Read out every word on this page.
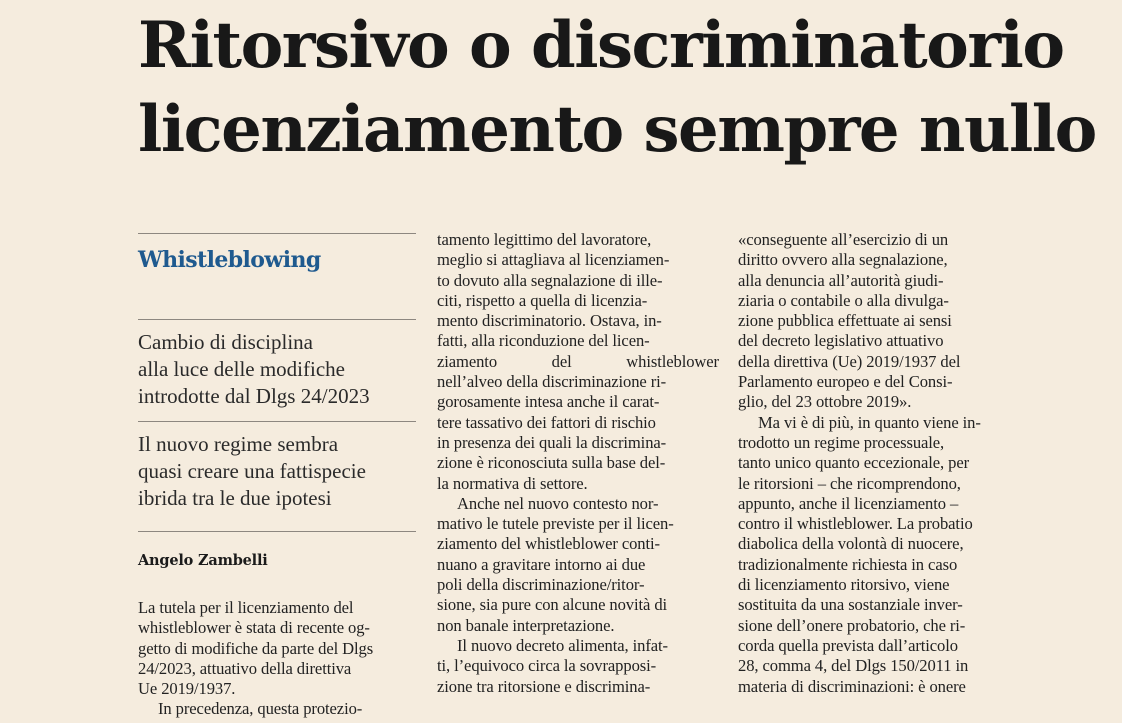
Ritorsivo o discriminatorio
licenziamento sempre nullo
Whistleblowing
Cambio di disciplina
alla luce delle modifiche
introdotte dal Dlgs 24/2023
Il nuovo regime sembra
quasi creare una fattispecie
ibrida tra le due ipotesi
Angelo Zambelli
La tutela per il licenziamento del
whistleblower è stata di recente og-
getto di modifiche da parte del Dlgs
24/2023, attuativo della direttiva
Ue 2019/1937.
In precedenza, questa protezio-
tamento legittimo del lavoratore,
meglio si attagliava al licenziamen-
to dovuto alla segnalazione di ille-
citi, rispetto a quella di licenzia-
mento discriminatorio. Ostava, in-
fatti, alla riconduzione del licen-
ziamento del whistleblower
nell’alveo della discriminazione ri-
gorosamente intesa anche il carat-
tere tassativo dei fattori di rischio
in presenza dei quali la discrimina-
zione è riconosciuta sulla base del-
la normativa di settore.
Anche nel nuovo contesto nor-
mativo le tutele previste per il licen-
ziamento del whistleblower conti-
nuano a gravitare intorno ai due
poli della discriminazione/ritor-
sione, sia pure con alcune novità di
non banale interpretazione.
Il nuovo decreto alimenta, infat-
ti, l’equivoco circa la sovrapposi-
zione tra ritorsione e discrimina-
«conseguente all’esercizio di un
diritto ovvero alla segnalazione,
alla denuncia all’autorità giudi-
ziaria o contabile o alla divulga-
zione pubblica effettuate ai sensi
del decreto legislativo attuativo
della direttiva (Ue) 2019/1937 del
Parlamento europeo e del Consi-
glio, del 23 ottobre 2019».
Ma vi è di più, in quanto viene in-
trodotto un regime processuale,
tanto unico quanto eccezionale, per
le ritorsioni – che ricomprendono,
appunto, anche il licenziamento –
contro il whistleblower. La probatio
diabolica della volontà di nuocere,
tradizionalmente richiesta in caso
di licenziamento ritorsivo, viene
sostituita da una sostanziale inver-
sione dell’onere probatorio, che ri-
corda quella prevista dall’articolo
28, comma 4, del Dlgs 150/2011 in
materia di discriminazioni: è onere
